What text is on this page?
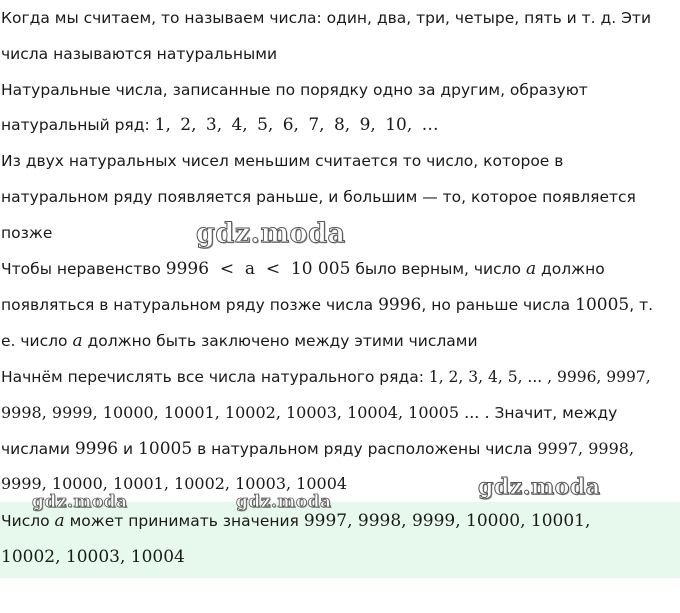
Когда мы считаем, то называем числа: один, два, три, четыре, пять и т. д. Эти
числа называются натуральными
Натуральные числа, записанные по порядку одно за другим, образуют
натуральный ряд: 1, 2, 3, 4, 5, 6, 7, 8, 9, 10, …
Из двух натуральных чисел меньшим считается то число, которое в
натуральном ряду появляется раньше, и большим — то, которое появляется
позже
Чтобы неравенство 9996  <  a  <  10 005 было верным, число a должно
появляться в натуральном ряду позже числа 9996, но раньше числа 10005, т.
е. число a должно быть заключено между этими числами
Начнём перечислять все числа натурального ряда: 1, 2, 3, 4, 5, ... , 9996, 9997,
9998, 9999, 10000, 10001, 10002, 10003, 10004, 10005 ... . Значит, между
числами 9996 и 10005 в натуральном ряду расположены числа 9997, 9998,
9999, 10000, 10001, 10002, 10003, 10004
Число a может принимать значения 9997, 9998, 9999, 10000, 10001,
10002, 10003, 10004
gdz.moda
gdz.moda
gdz.moda	gdz.moda
